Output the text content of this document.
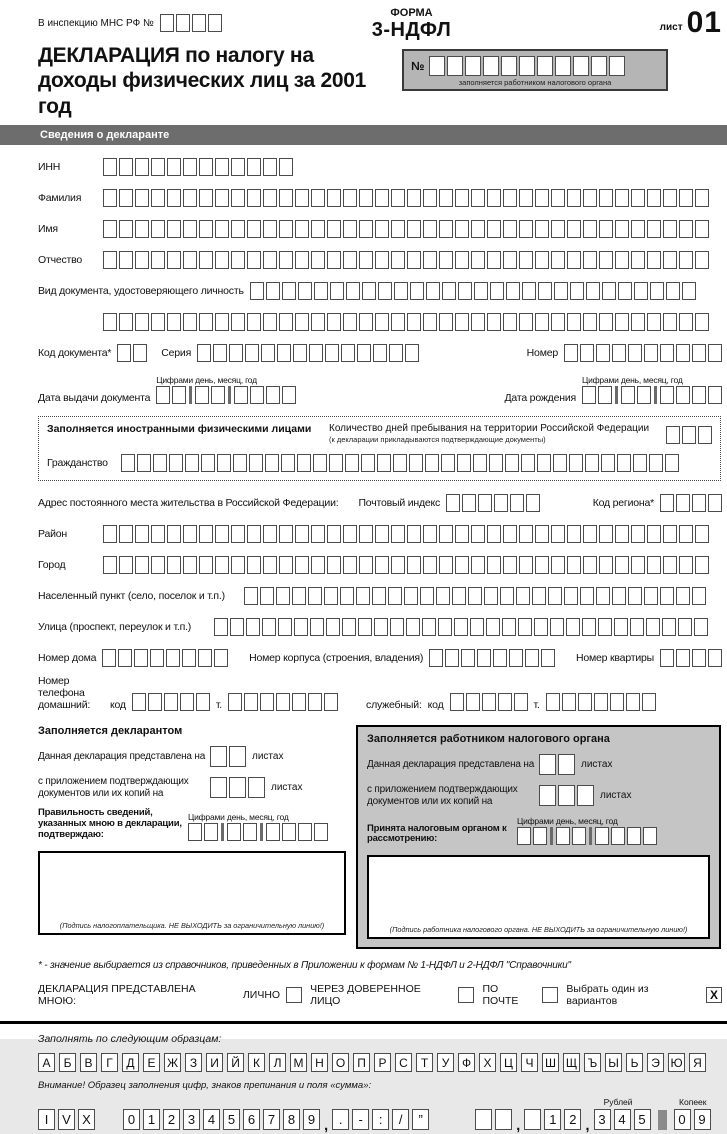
В инспекцию МНС РФ №
ФОРМА
3-НДФЛ	лист 01
ДЕКЛАРАЦИЯ по налогу на доходы физических лиц за 2001 год
№
заполняется работником налогового органа
Сведения о декларанте
ИНН
Фамилия
Имя
Отчество
Вид документа, удостоверяющего личность
Код документа*	Серия	Номер
Дата выдачи документа
Цифрами день, месяц, год
Дата рождения
Цифрами день, месяц, год
Заполняется иностранными физическими лицами	Количество дней пребывания на территории Российской Федерации
(к декларации прикладываются подтверждающие документы)
Гражданство
Адрес постоянного места жительства в Российской Федерации: Почтовый индекс	Код региона*
Район
Город
Населенный пункт (село, поселок и т.п.)
Улица (проспект, переулок и т.п.)
Номер дома	Номер корпуса (строения, владения)	Номер квартиры
Номер телефона
домашний:	код	т.	служебный: код	т.
Заполняется декларантом
Данная декларация представлена на	листах
с приложением подтверждающих документов или их копий на	листах
Правильность сведений, указанных мною в декларации, подтверждаю:
Цифрами день, месяц, год
(Подпись налогоплательщика. НЕ ВЫХОДИТЬ за ограничительную линию!)
Заполняется работником налогового органа
Данная декларация представлена на	листах
с приложением подтверждающих документов или их копий на	листах
Принята налоговым органом к рассмотрению:
Цифрами день, месяц, год
(Подпись работника налогового органа. НЕ ВЫХОДИТЬ за ограничительную линию!)
* - значение выбирается из справочников, приведенных в Приложении к формам № 1-НДФЛ и 2-НДФЛ "Справочники"
ДЕКЛАРАЦИЯ ПРЕДСТАВЛЕНА МНОЮ:	ЛИЧНО	ЧЕРЕЗ ДОВЕРЕННОЕ ЛИЦО
ПО ПОЧТЕ
Выбрать один из вариантов	X
Заполнять по следующим образцам:
А	Б	В	Г	Д	Е Ж З	И	Й	К	Л	М Н	О	П	Р	С	Т	У	Ф	Х	Ц	Ч Ш Щ Ъ Ы Ь	Э Ю Я
Внимание! Образец заполнения цифр, знаков препинания и поля «сумма»:
I	V X	0 1 2 3 4 5 6 7 8 9 , .	-	:	/	”
Рублей	Копеек
,	1 2 , 3 4 5	0 9
